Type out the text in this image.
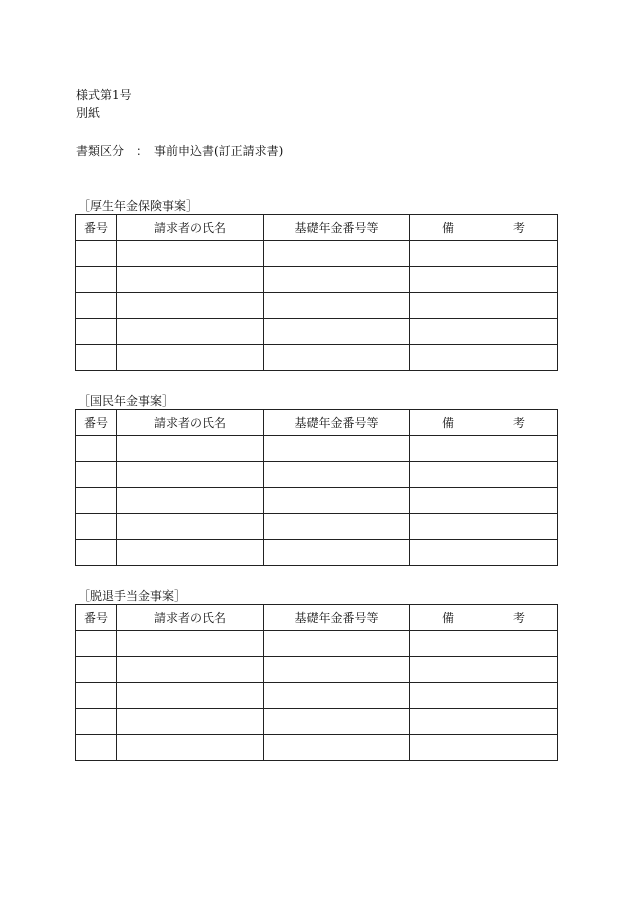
様式第1号
別紙
書類区分　：　事前申込書(訂正請求書)
［厚生年金保険事案］
番号	請求者の氏名	基礎年金番号等	備 考

［国民年金事案］
番号	請求者の氏名	基礎年金番号等	備 考

［脱退手当金事案］
番号	請求者の氏名	基礎年金番号等	備 考
